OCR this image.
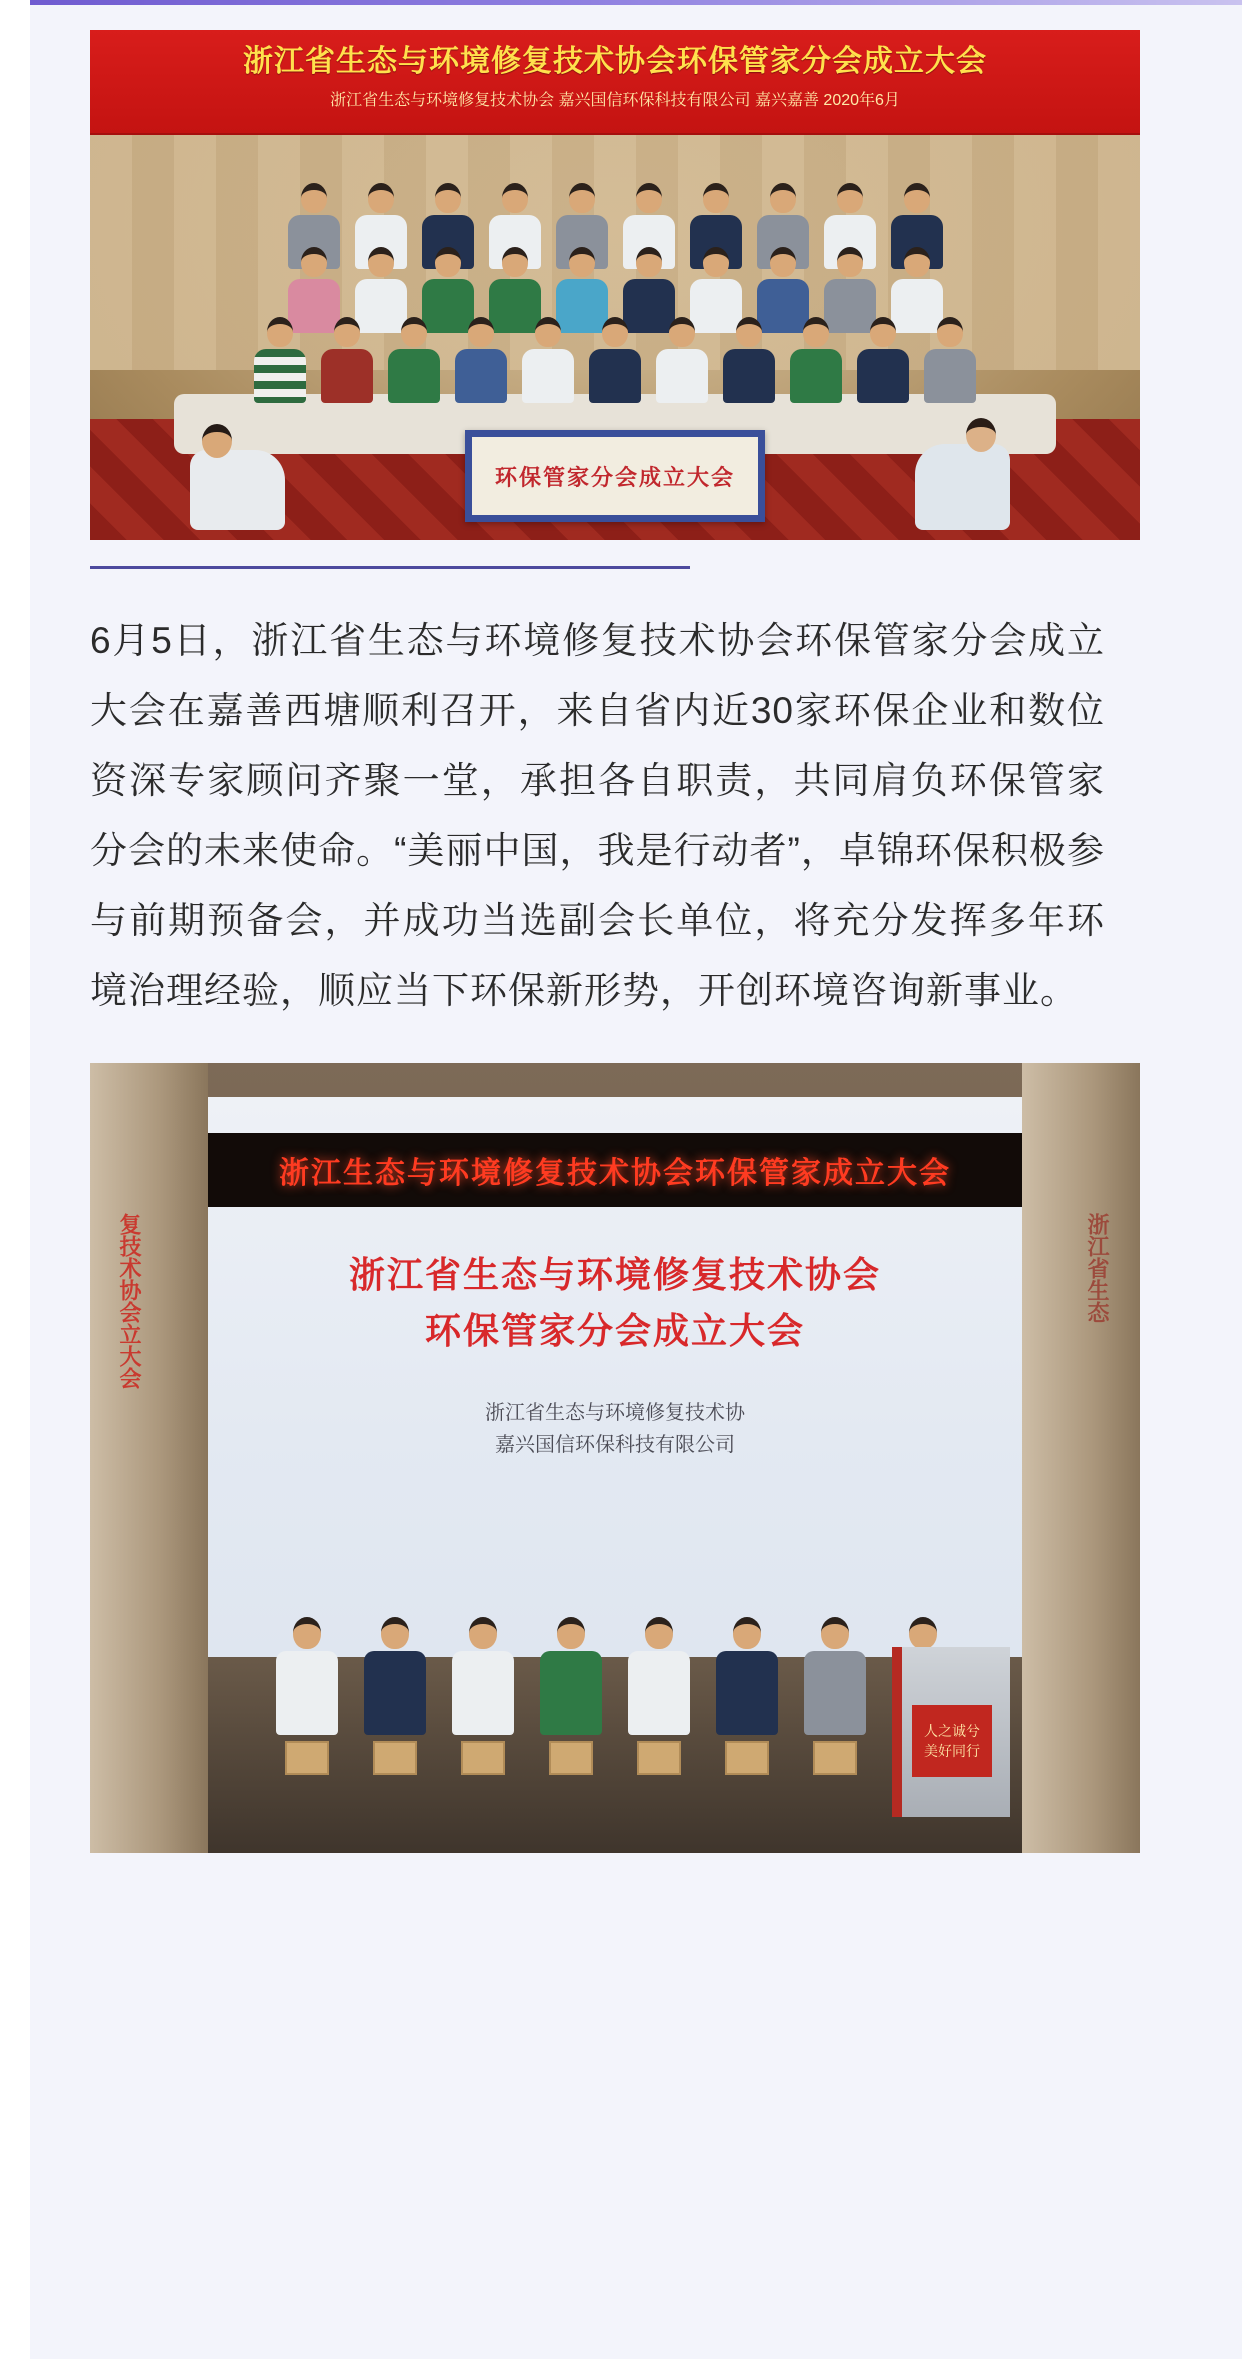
浙江省生态与环境修复技术协会环保管家分会成立大会
浙江省生态与环境修复技术协会 嘉兴国信环保科技有限公司 嘉兴嘉善 2020年6月
环保管家分会成立大会

6月5日，浙江省生态与环境修复技术协会环保管家分会成立大会在嘉善西塘顺利召开，来自省内近30家环保企业和数位资深专家顾问齐聚一堂，承担各自职责，共同肩负环保管家分会的未来使命。“美丽中国，我是行动者”，卓锦环保积极参与前期预备会，并成功当选副会长单位，将充分发挥多年环境治理经验，顺应当下环保新形势，开创环境咨询新事业。

复技术协会立大会	浙江省生态
浙江生态与环境修复技术协会环保管家成立大会
浙江省生态与环境修复技术协会
环保管家分会成立大会
浙江省生态与环境修复技术协
嘉兴国信环保科技有限公司
人之诚兮 美好同行
